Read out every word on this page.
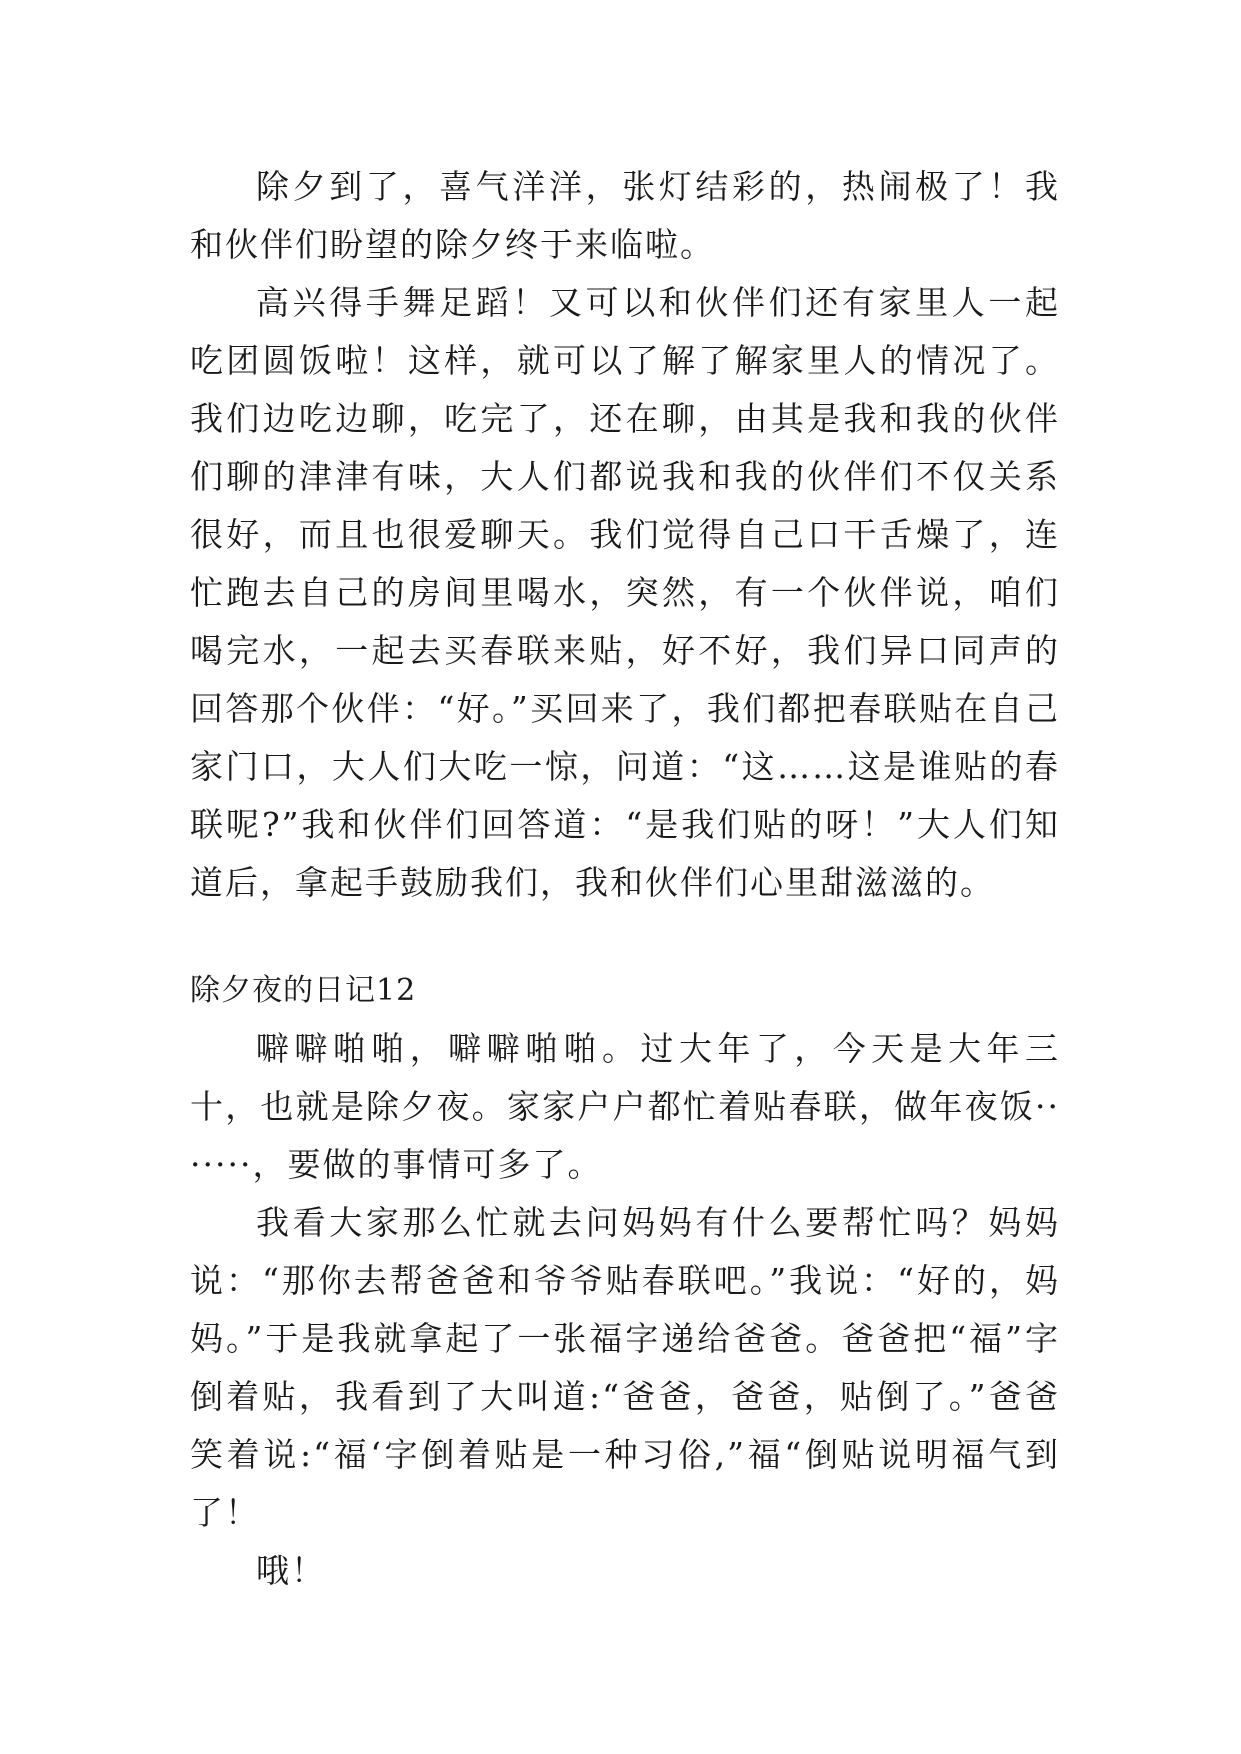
除夕到了，喜气洋洋，张灯结彩的，热闹极了！我和伙伴们盼望的除夕终于来临啦。

高兴得手舞足蹈！又可以和伙伴们还有家里人一起吃团圆饭啦！这样，就可以了解了解家里人的情况了。我们边吃边聊，吃完了，还在聊，由其是我和我的伙伴们聊的津津有味，大人们都说我和我的伙伴们不仅关系很好，而且也很爱聊天。我们觉得自己口干舌燥了，连忙跑去自己的房间里喝水，突然，有一个伙伴说，咱们喝完水，一起去买春联来贴，好不好，我们异口同声的回答那个伙伴：“好。”买回来了，我们都把春联贴在自己家门口，大人们大吃一惊，问道：“这……这是谁贴的春联呢?”我和伙伴们回答道：“是我们贴的呀！”大人们知道后，拿起手鼓励我们，我和伙伴们心里甜滋滋的。

除夕夜的日记12

噼噼啪啪，噼噼啪啪。过大年了，今天是大年三十，也就是除夕夜。家家户户都忙着贴春联，做年夜饭·······，要做的事情可多了。

我看大家那么忙就去问妈妈有什么要帮忙吗？妈妈说：“那你去帮爸爸和爷爷贴春联吧。”我说：“好的，妈妈。”于是我就拿起了一张福字递给爸爸。爸爸把“福”字倒着贴，我看到了大叫道:“爸爸，爸爸，贴倒了。”爸爸笑着说:“福‘字倒着贴是一种习俗,”福“倒贴说明福气到了！

哦！
